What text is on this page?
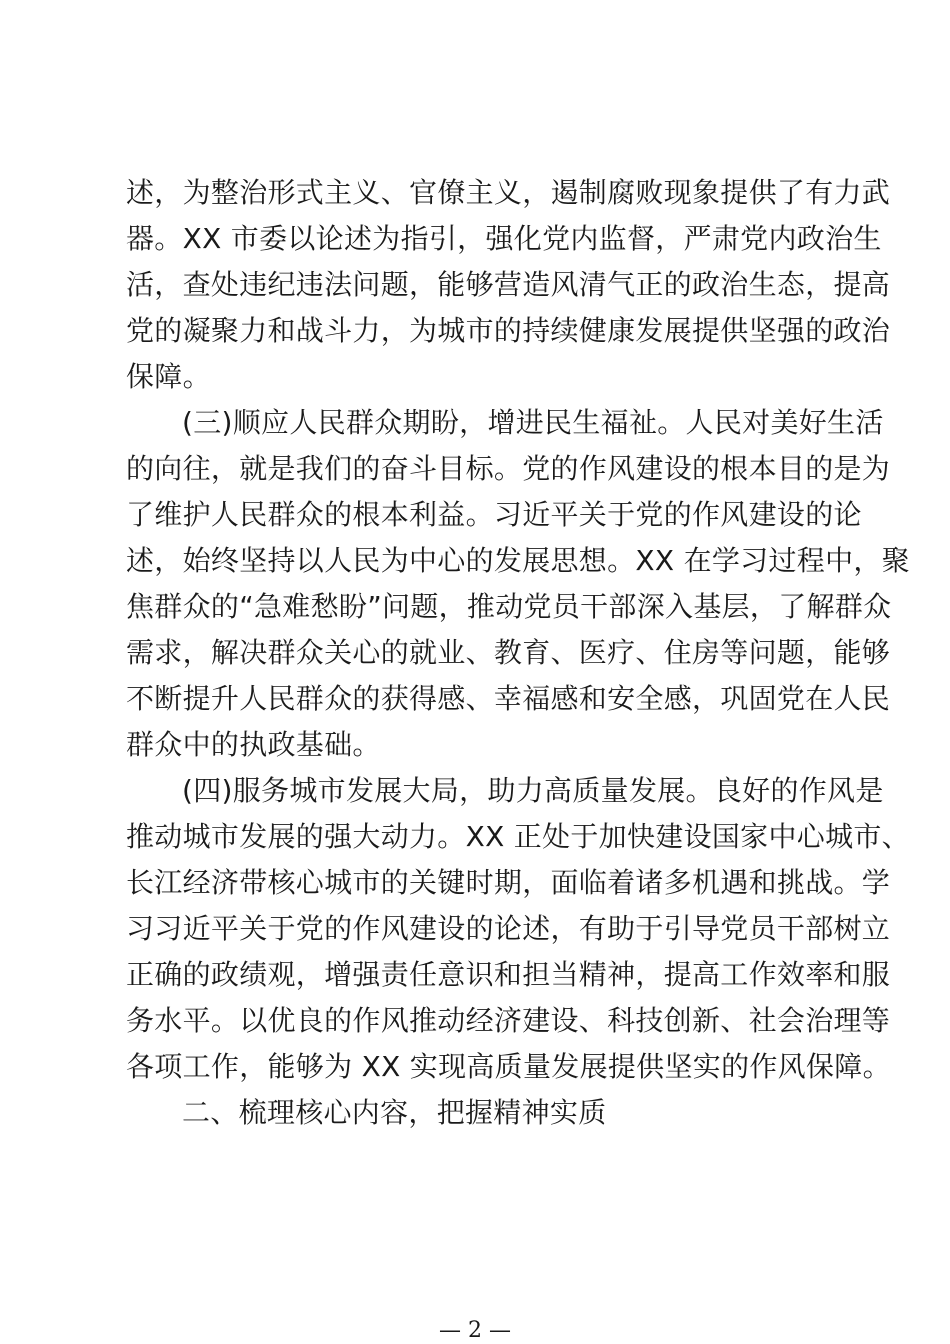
述，为整治形式主义、官僚主义，遏制腐败现象提供了有力武
器。XX 市委以论述为指引，强化党内监督，严肃党内政治生
活，查处违纪违法问题，能够营造风清气正的政治生态，提高
党的凝聚力和战斗力，为城市的持续健康发展提供坚强的政治
保障。
(三)顺应人民群众期盼，增进民生福祉。人民对美好生活
的向往，就是我们的奋斗目标。党的作风建设的根本目的是为
了维护人民群众的根本利益。习近平关于党的作风建设的论
述，始终坚持以人民为中心的发展思想。XX 在学习过程中，聚
焦群众的“急难愁盼”问题，推动党员干部深入基层，了解群众
需求，解决群众关心的就业、教育、医疗、住房等问题，能够
不断提升人民群众的获得感、幸福感和安全感，巩固党在人民
群众中的执政基础。
(四)服务城市发展大局，助力高质量发展。良好的作风是
推动城市发展的强大动力。XX 正处于加快建设国家中心城市、
长江经济带核心城市的关键时期，面临着诸多机遇和挑战。学
习习近平关于党的作风建设的论述，有助于引导党员干部树立
正确的政绩观，增强责任意识和担当精神，提高工作效率和服
务水平。以优良的作风推动经济建设、科技创新、社会治理等
各项工作，能够为 XX 实现高质量发展提供坚实的作风保障。
二、梳理核心内容，把握精神实质
— 2 —
